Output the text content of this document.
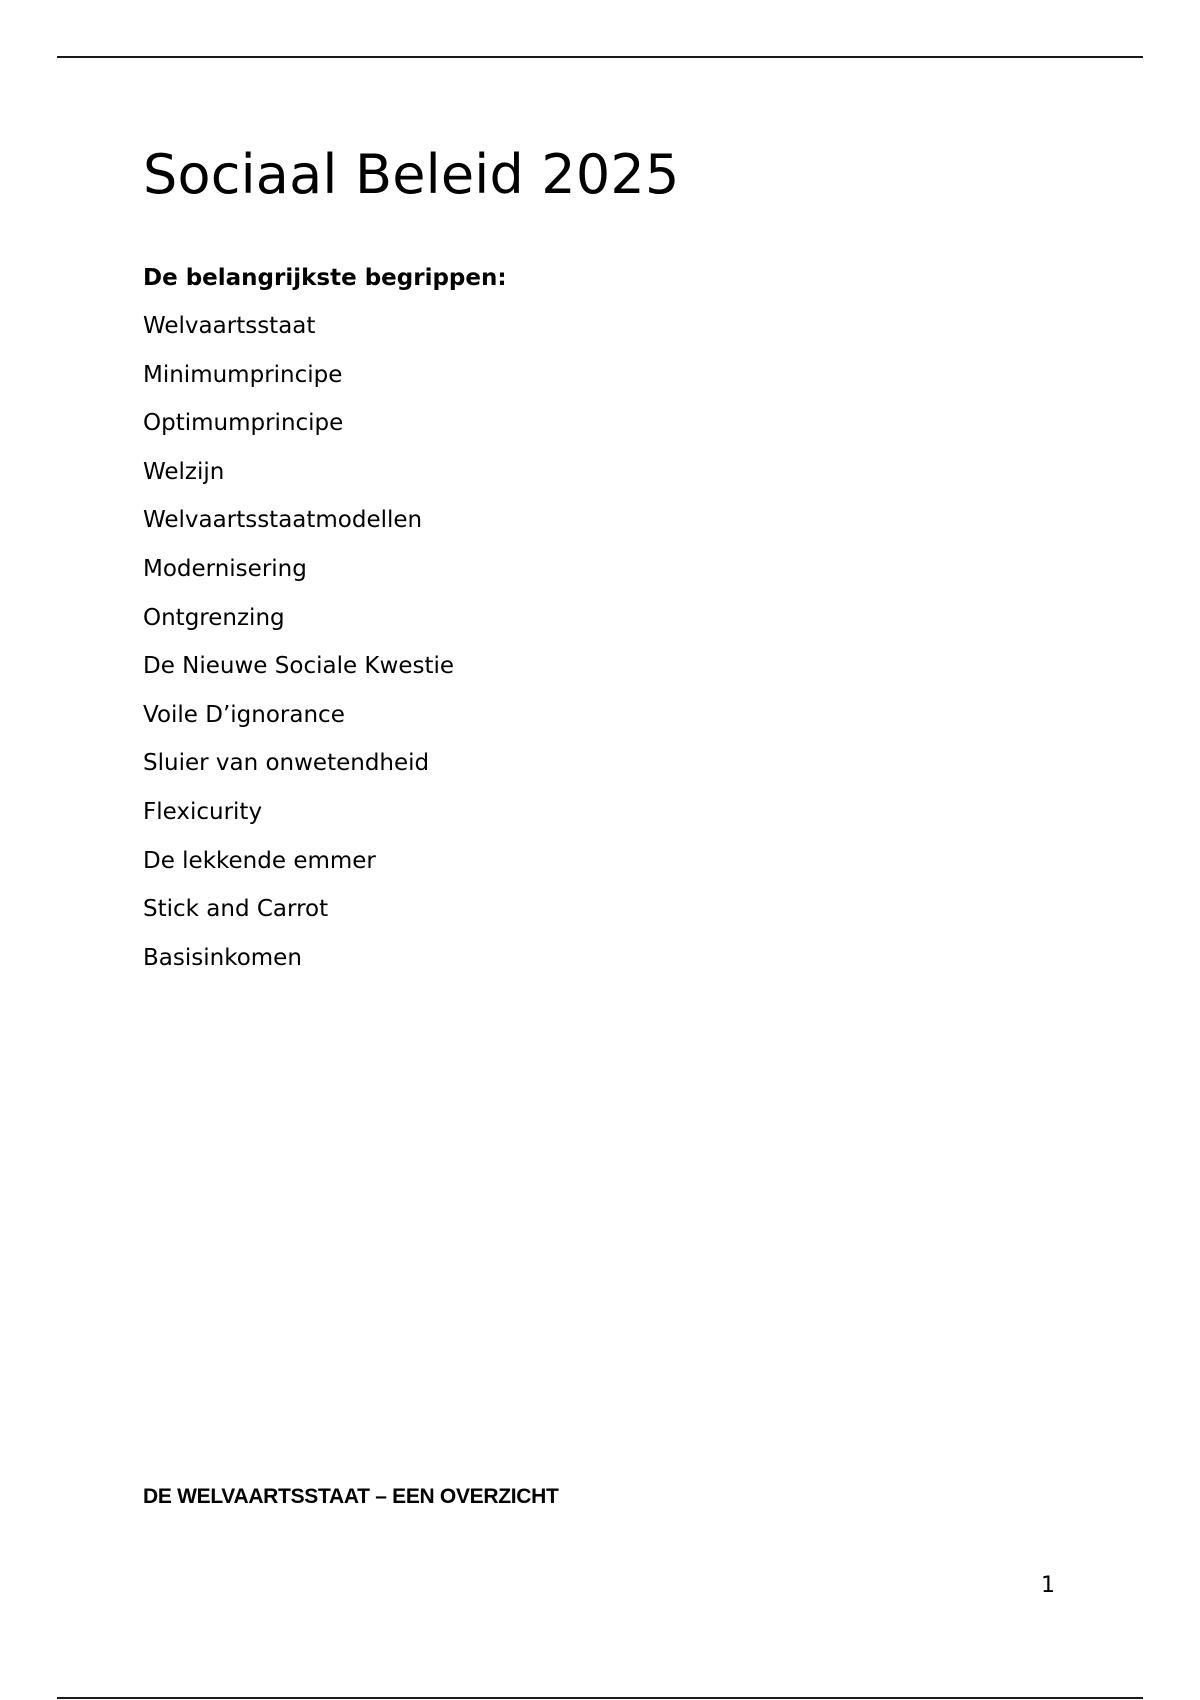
Sociaal Beleid 2025
De belangrijkste begrippen:
Welvaartsstaat
Minimumprincipe
Optimumprincipe
Welzijn
Welvaartsstaatmodellen
Modernisering
Ontgrenzing
De Nieuwe Sociale Kwestie
Voile D’ignorance
Sluier van onwetendheid
Flexicurity
De lekkende emmer
Stick and Carrot
Basisinkomen
DE WELVAARTSSTAAT – EEN OVERZICHT
1
